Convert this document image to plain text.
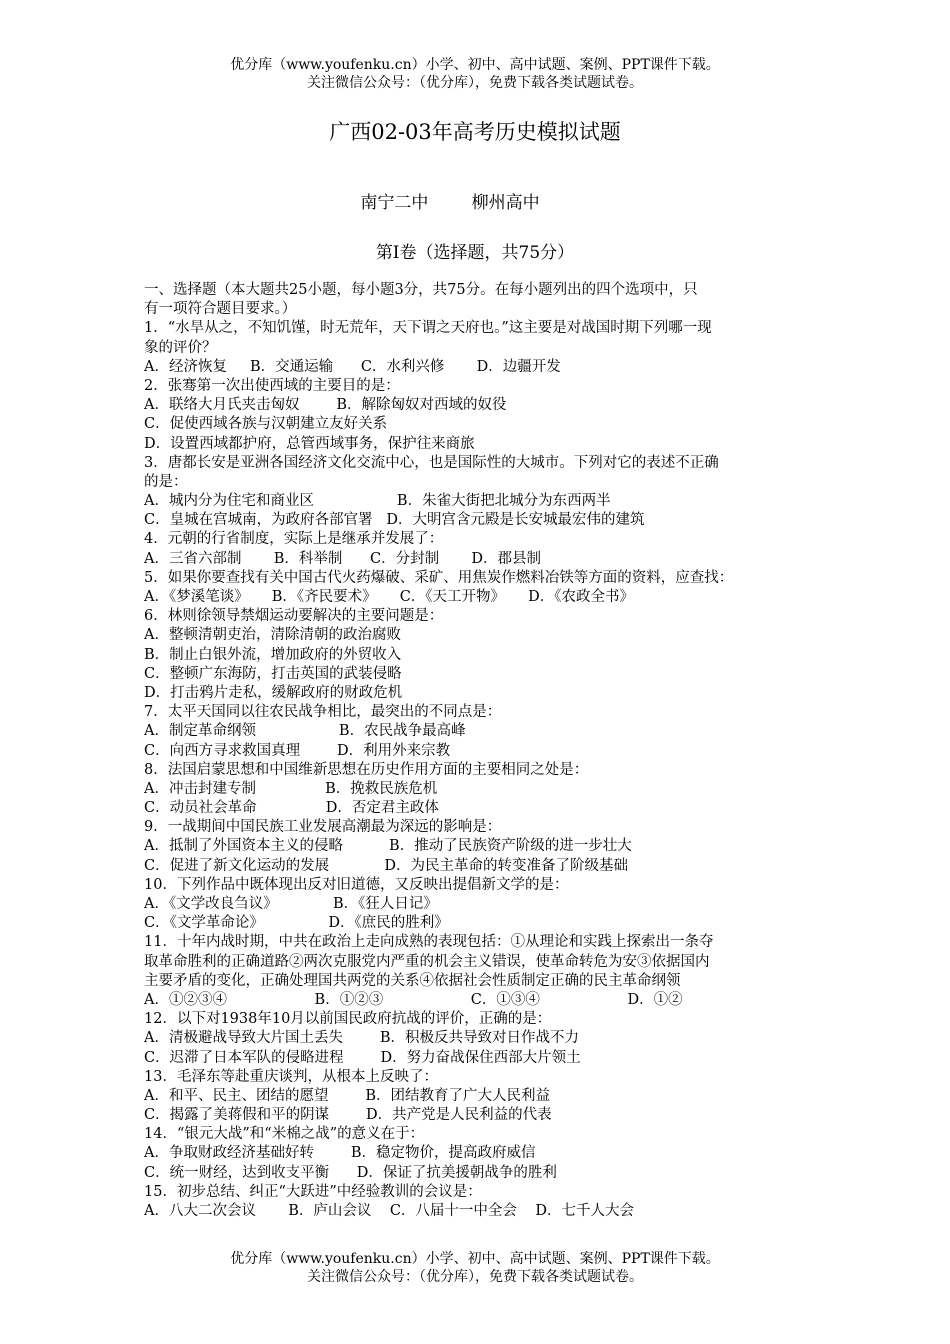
优分库（www.youfenku.cn）小学、初中、高中试题、案例、PPT课件下载。
关注微信公众号：（优分库），免费下载各类试题试卷。
广西02-03年高考历史模拟试题
南宁二中        柳州高中
第Ⅰ卷（选择题，共75分）
一、选择题（本大题共25小题，每小题3分，共75分。在每小题列出的四个选项中，只
有一项符合题目要求。）
1．“水旱从之，不知饥馑，时无荒年，天下谓之天府也。”这主要是对战国时期下列哪一现
象的评价？
A．经济恢复     B．交通运输      C．水利兴修       D．边疆开发
2．张骞第一次出使西域的主要目的是：
A．联络大月氏夹击匈奴        B．解除匈奴对西域的奴役
C．促使西域各族与汉朝建立友好关系
D．设置西域都护府，总管西域事务，保护往来商旅
3．唐都长安是亚洲各国经济文化交流中心，也是国际性的大城市。下列对它的表述不正确
的是：
A．城内分为住宅和商业区                  B．朱雀大街把北城分为东西两半
C．皇城在宫城南，为政府各部官署   D．大明宫含元殿是长安城最宏伟的建筑
4．元朝的行省制度，实际上是继承并发展了：
A．三省六部制       B．科举制      C．分封制       D．郡县制
5．如果你要查找有关中国古代火药爆破、采矿、用焦炭作燃料冶铁等方面的资料，应查找：
A．《梦溪笔谈》     B．《齐民要术》     C．《天工开物》     D．《农政全书》
6．林则徐领导禁烟运动要解决的主要问题是：
A．整顿清朝吏治，清除清朝的政治腐败
B．制止白银外流，增加政府的外贸收入
C．整顿广东海防，打击英国的武装侵略
D．打击鸦片走私，缓解政府的财政危机
7．太平天国同以往农民战争相比，最突出的不同点是：
A．制定革命纲领                  B．农民战争最高峰
C．向西方寻求救国真理        D．利用外来宗教
8．法国启蒙思想和中国维新思想在历史作用方面的主要相同之处是：
A．冲击封建专制               B．挽救民族危机
C．动员社会革命               D．否定君主政体
9．一战期间中国民族工业发展高潮最为深远的影响是：
A．抵制了外国资本主义的侵略          B．推动了民族资产阶级的进一步壮大
C．促进了新文化运动的发展            D．为民主革命的转变准备了阶级基础
10．下列作品中既体现出反对旧道德，又反映出提倡新文学的是：
A．《文学改良刍议》            B．《狂人日记》
C．《文学革命论》              D．《庶民的胜利》
11．十年内战时期，中共在政治上走向成熟的表现包括：①从理论和实践上探索出一条夺
取革命胜利的正确道路②两次克服党内严重的机会主义错误，使革命转危为安③依据国内
主要矛盾的变化，正确处理国共两党的关系④依据社会性质制定正确的民主革命纲领
A．①②③④                   B．①②③                   C．①③④                   D．①②
12．以下对1938年10月以前国民政府抗战的评价，正确的是：
A．清极避战导致大片国土丢失        B．积极反共导致对日作战不力
C．迟滞了日本军队的侵略进程        D．努力奋战保住西部大片领土
13．毛泽东等赴重庆谈判，从根本上反映了：
A．和平、民主、团结的愿望        B．团结教育了广大人民利益
C．揭露了美蒋假和平的阴谋        D．共产党是人民利益的代表
14．“银元大战”和“米棉之战”的意义在于：
A．争取财政经济基础好转        B．稳定物价，提高政府威信
C．统一财经，达到收支平衡      D．保证了抗美援朝战争的胜利
15．初步总结、纠正“大跃进”中经验教训的会议是：
A．八大二次会议       B．庐山会议    C．八届十一中全会    D．七千人大会
优分库（www.youfenku.cn）小学、初中、高中试题、案例、PPT课件下载。
关注微信公众号：（优分库），免费下载各类试题试卷。
